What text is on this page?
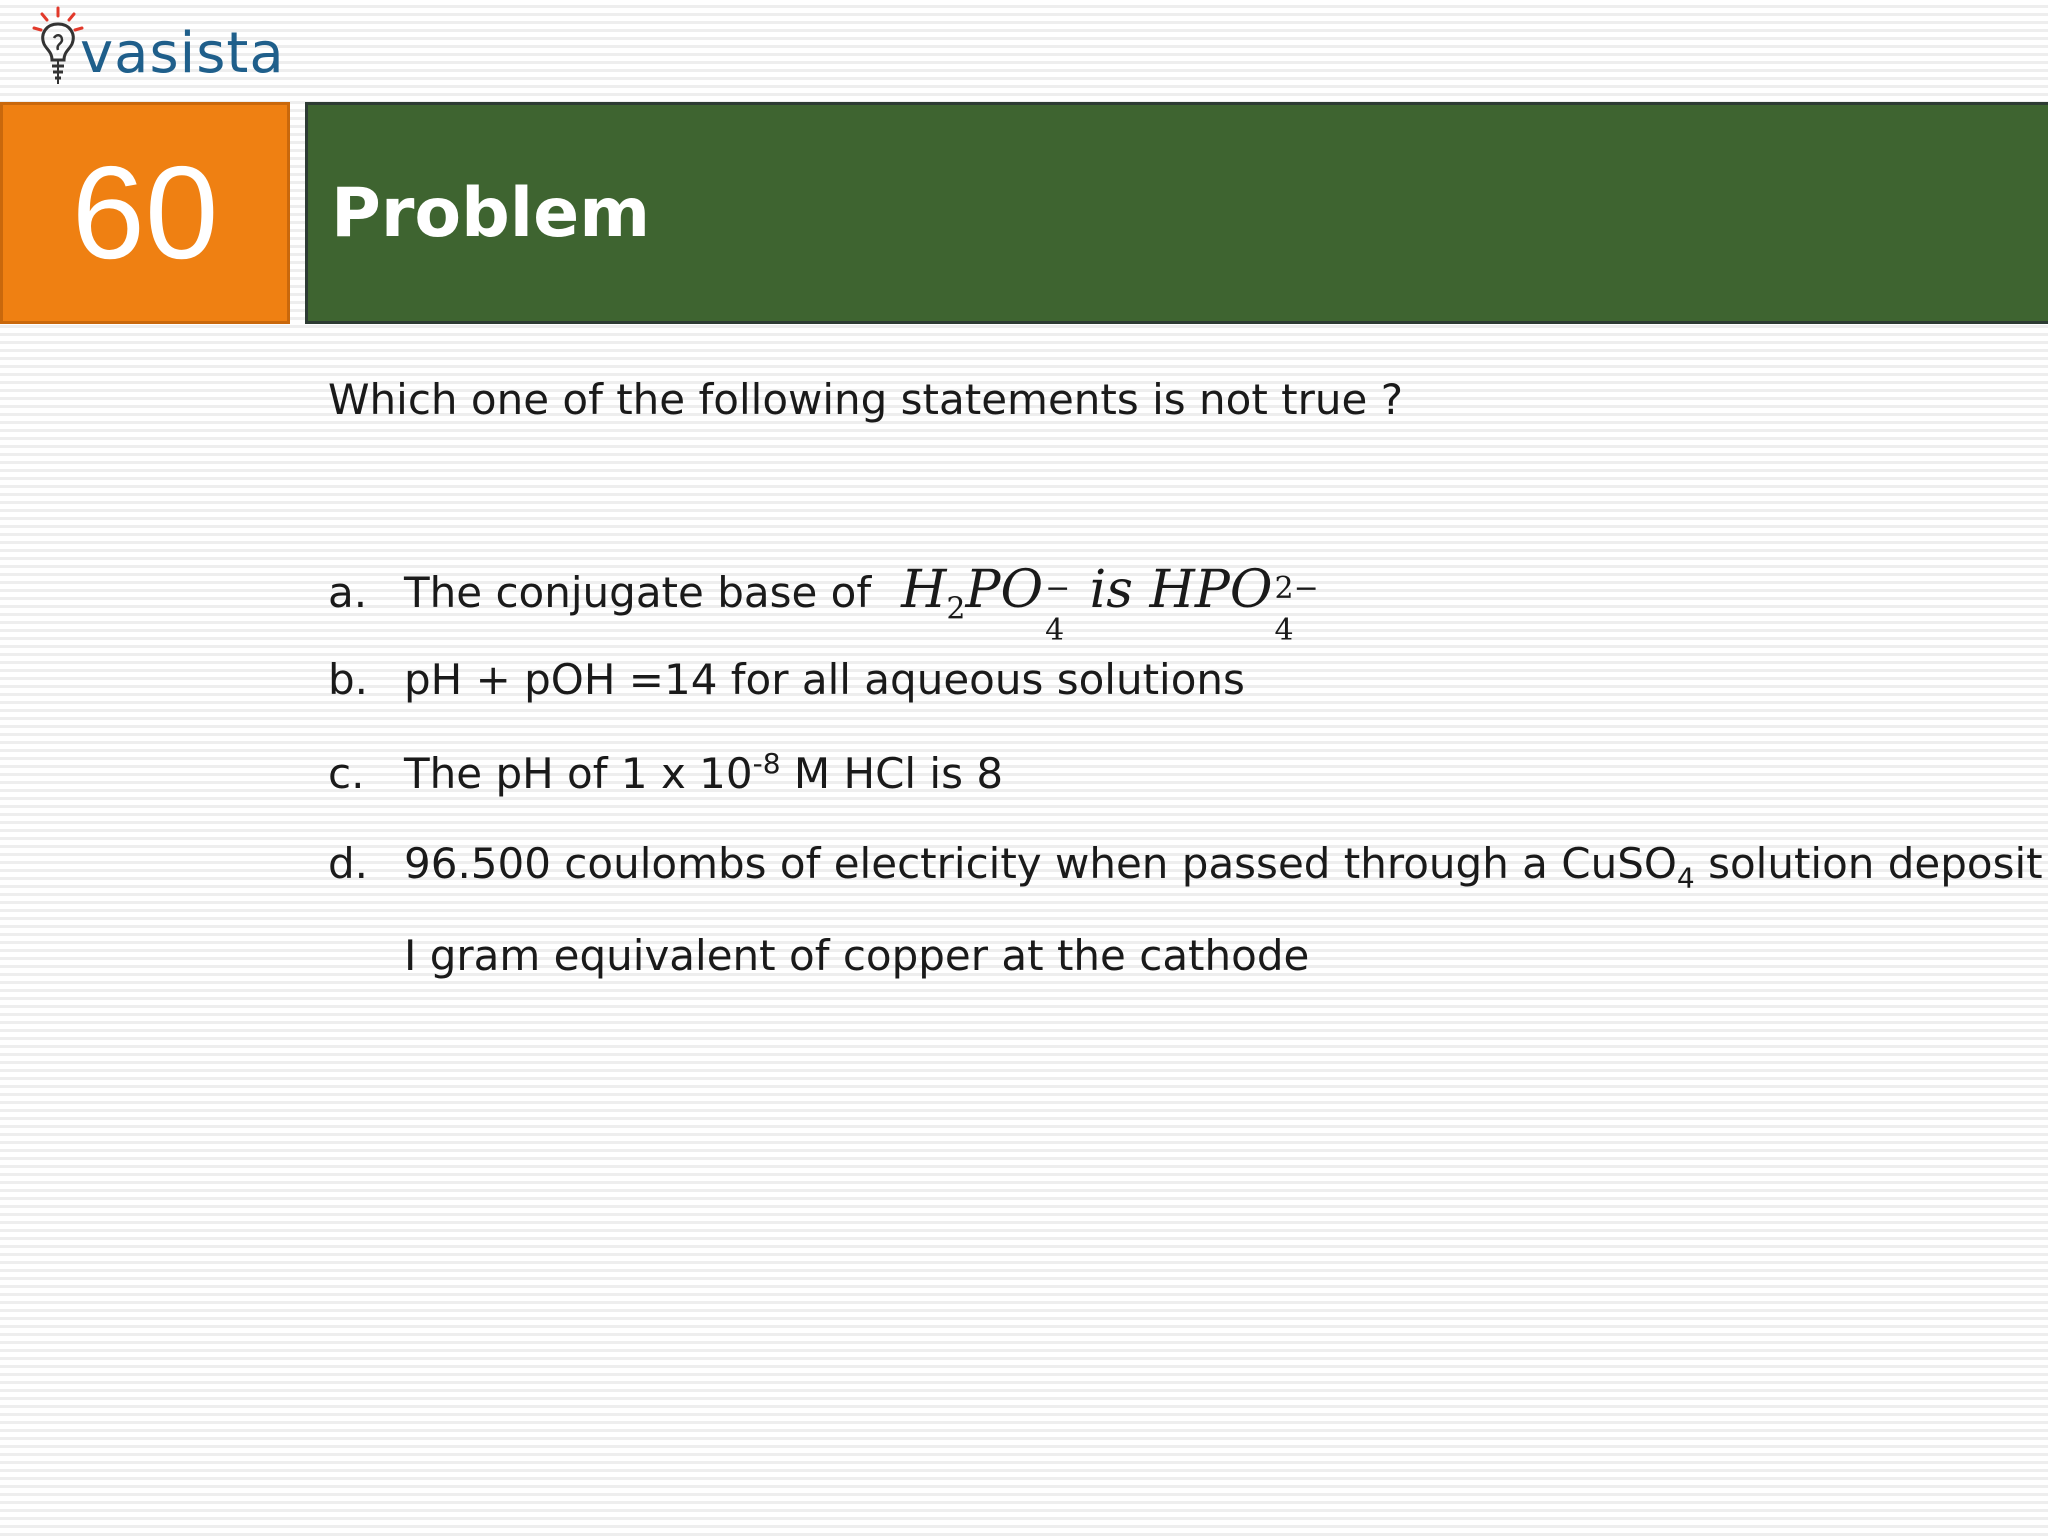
vasista
60 Problem
Which one of the following statements is not true ?
a. The conjugate base of $H_2PO$ −
4
is HPO 2−
4
b. pH + pOH =14 for all aqueous solutions
c. The pH of 1 x $10^{-8}$ M HCl is 8
d. 96.500 coulombs of electricity when passed through a CuSO$_4$ solution deposit
I gram equivalent of copper at the cathode
